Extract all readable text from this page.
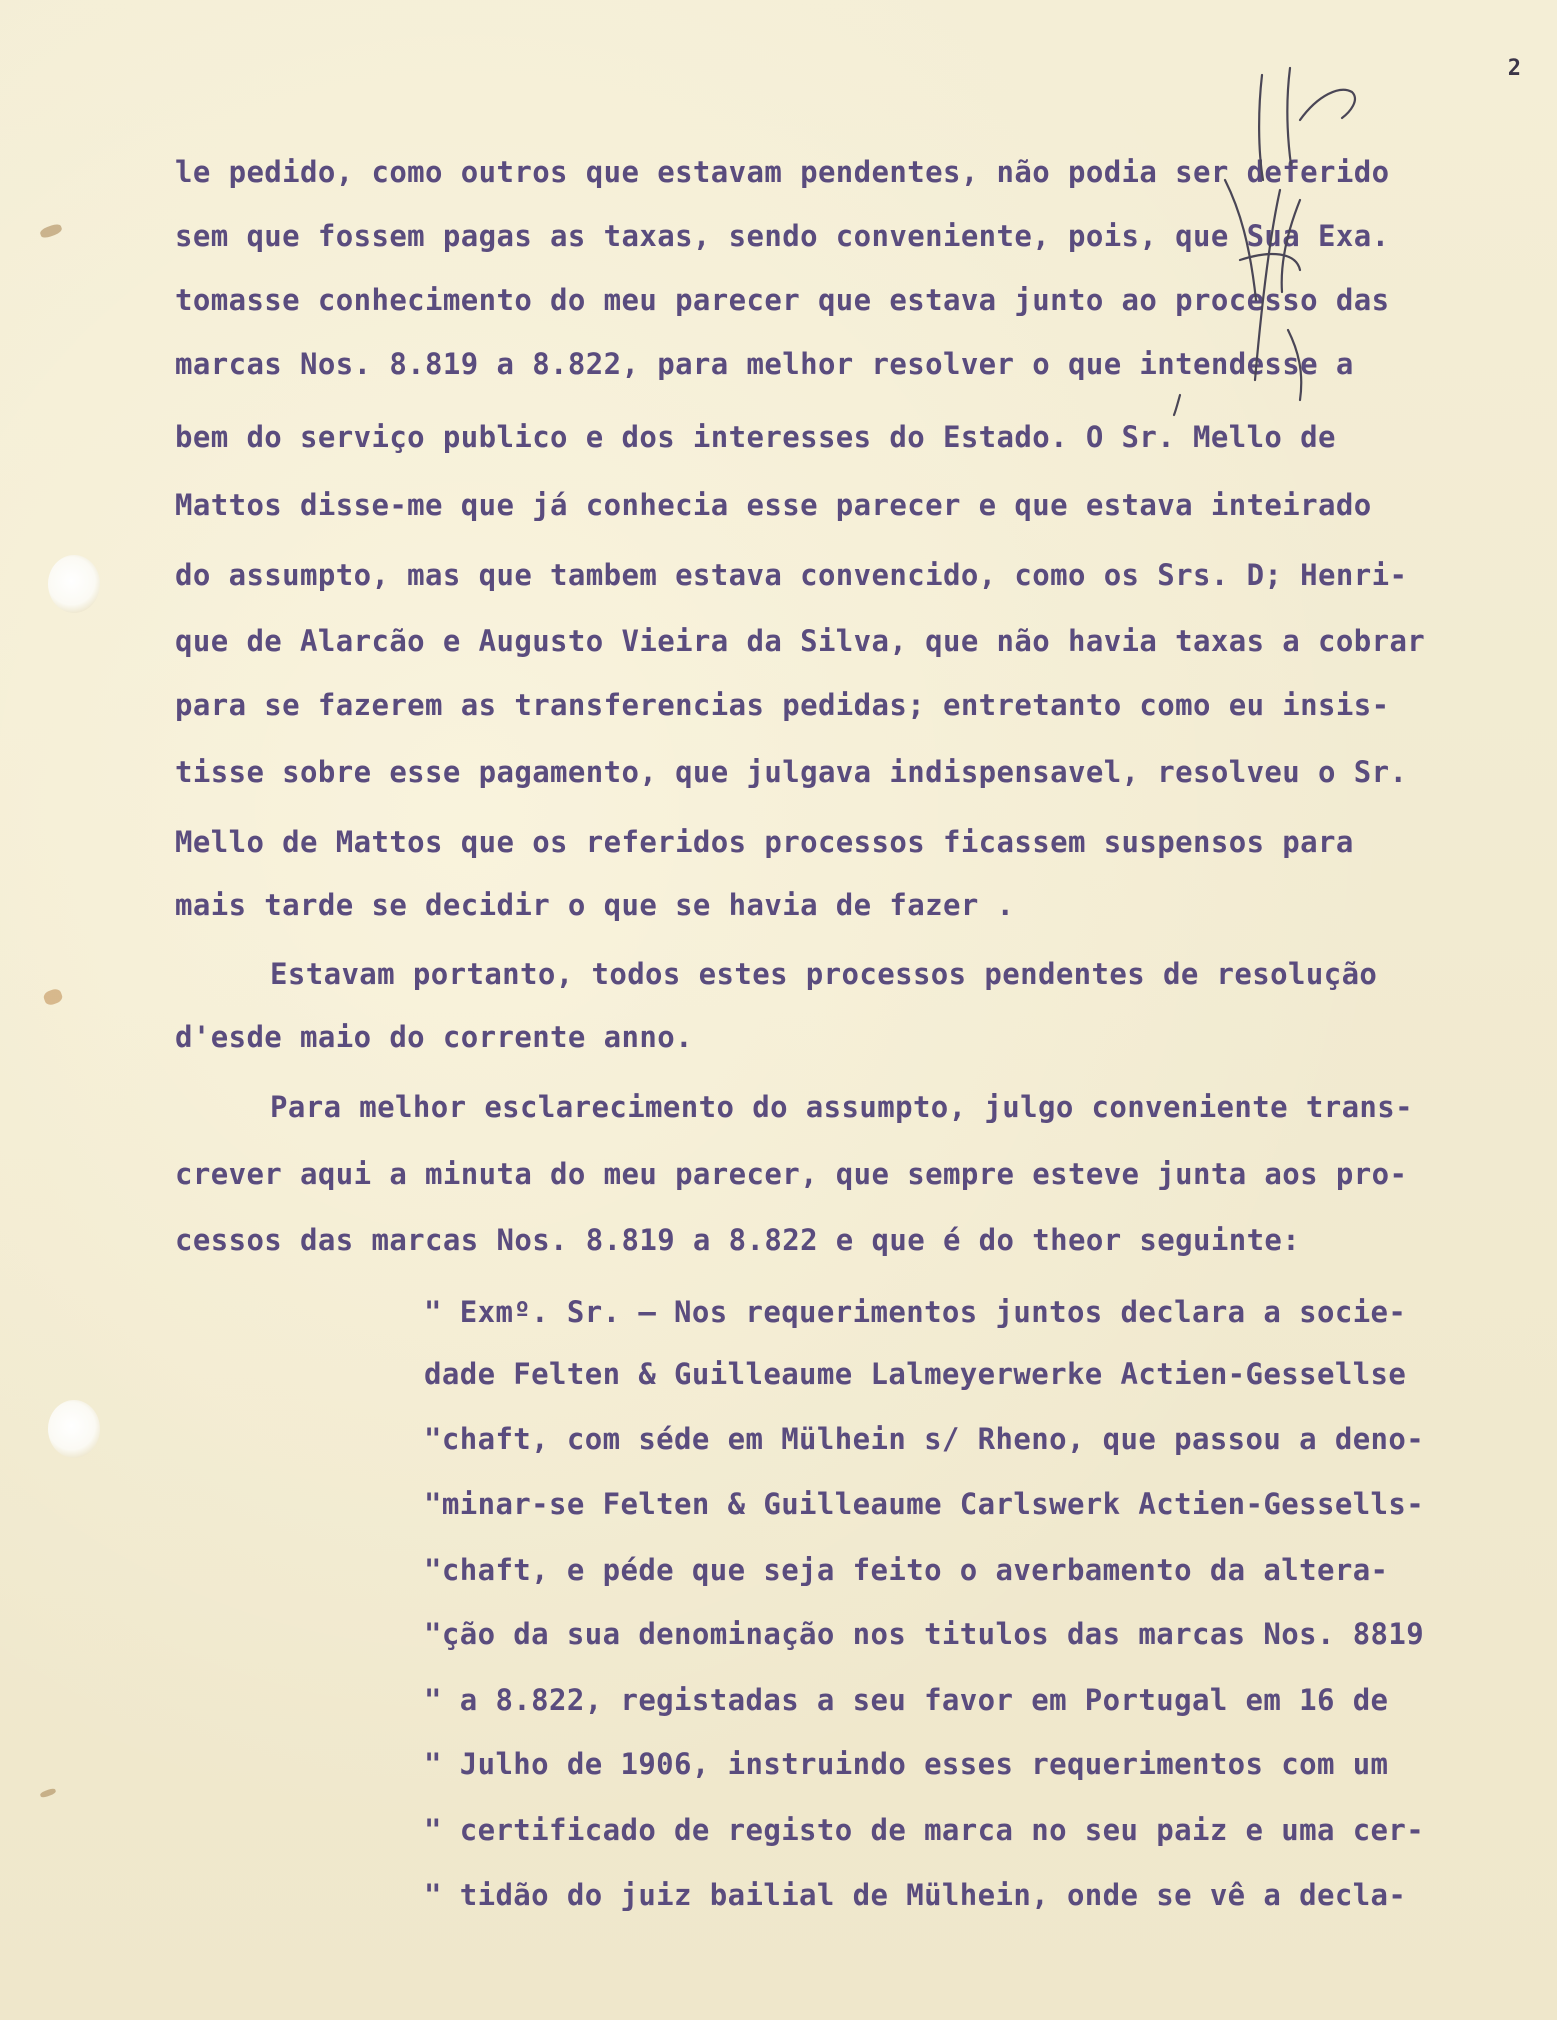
2
le pedido, como outros que estavam pendentes, não podia ser deferido
sem que fossem pagas as taxas, sendo conveniente, pois, que Sua Exa.
tomasse conhecimento do meu parecer que estava junto ao processo das
marcas Nos. 8.819 a 8.822, para melhor resolver o que intendesse a
bem do serviço publico e dos interesses do Estado. O Sr. Mello de
Mattos disse-me que já conhecia esse parecer e que estava inteirado
do assumpto, mas que tambem estava convencido, como os Srs. D; Henri-
que de Alarcão e Augusto Vieira da Silva, que não havia taxas a cobrar
para se fazerem as transferencias pedidas; entretanto como eu insis-
tisse sobre esse pagamento, que julgava indispensavel, resolveu o Sr.
Mello de Mattos que os referidos processos ficassem suspensos para
mais tarde se decidir o que se havia de fazer .
Estavam portanto, todos estes processos pendentes de resolução
d'esde maio do corrente anno.
Para melhor esclarecimento do assumpto, julgo conveniente trans-
crever aqui a minuta do meu parecer, que sempre esteve junta aos pro-
cessos das marcas Nos. 8.819 a 8.822 e que é do theor seguinte:
" Exmº. Sr. — Nos requerimentos juntos declara a socie-
dade Felten & Guilleaume Lalmeyerwerke Actien-Gessellse
"chaft, com séde em Mülhein s/ Rheno, que passou a deno-
"minar-se Felten & Guilleaume Carlswerk Actien-Gessells-
"chaft, e péde que seja feito o averbamento da altera-
"ção da sua denominação nos titulos das marcas Nos. 8819
" a 8.822, registadas a seu favor em Portugal em 16 de
" Julho de 1906, instruindo esses requerimentos com um
" certificado de registo de marca no seu paiz e uma cer-
" tidão do juiz bailial de Mülhein, onde se vê a decla-
